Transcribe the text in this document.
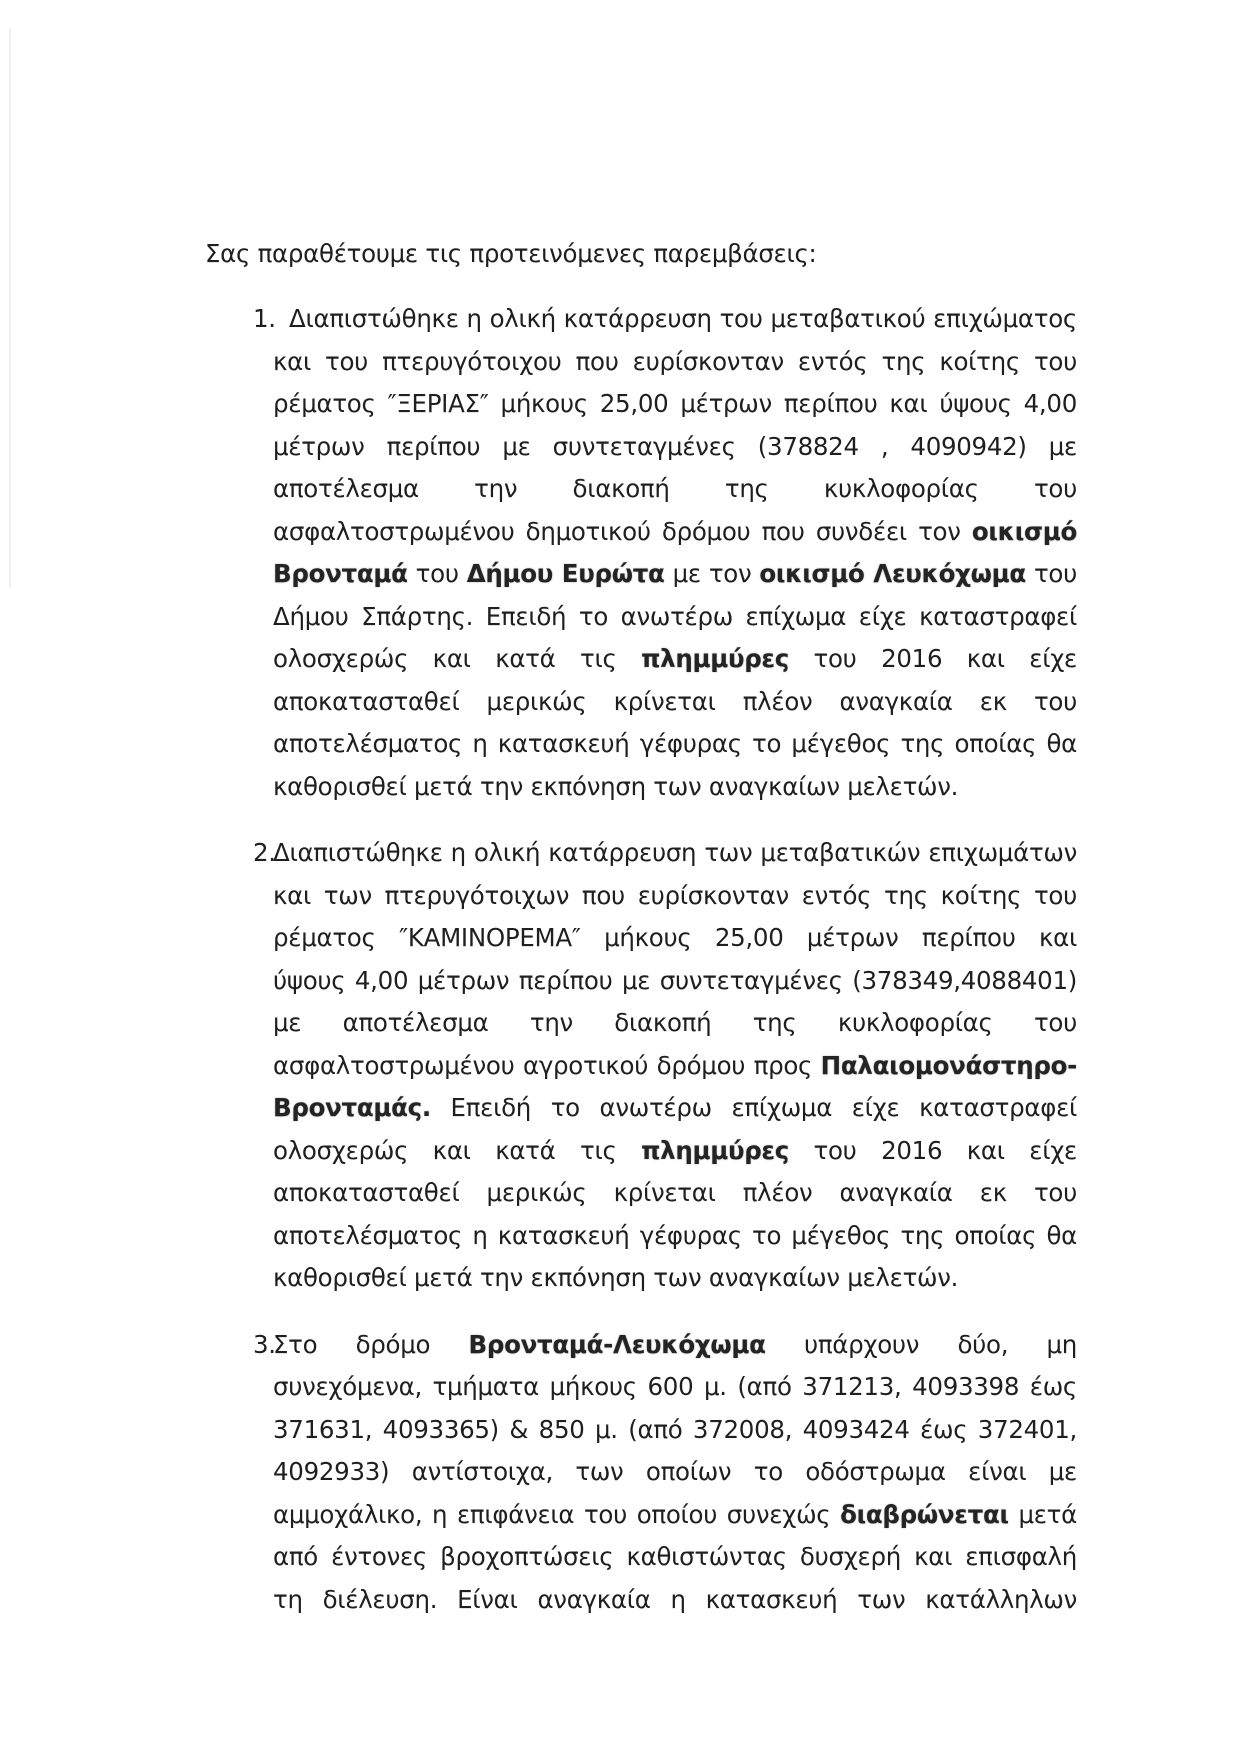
Σας παραθέτουμε τις προτεινόμενες παρεμβάσεις:

1. Διαπιστώθηκε η ολική κατάρρευση του μεταβατικού επιχώματος
και του πτερυγότοιχου που ευρίσκονταν εντός της κοίτης του
ρέματος ″ΞΕΡΙΑΣ″ μήκους 25,00 μέτρων περίπου και ύψους 4,00
μέτρων περίπου με συντεταγμένες (378824 , 4090942) με
αποτέλεσμα την διακοπή της κυκλοφορίας του
ασφαλτοστρωμένου δημοτικού δρόμου που συνδέει τον οικισμό
Βρονταμά του Δήμου Ευρώτα με τον οικισμό Λευκόχωμα του
Δήμου Σπάρτης. Επειδή το ανωτέρω επίχωμα είχε καταστραφεί
ολοσχερώς και κατά τις πλημμύρες του 2016 και είχε
αποκατασταθεί μερικώς κρίνεται πλέον αναγκαία εκ του
αποτελέσματος η κατασκευή γέφυρας το μέγεθος της οποίας θα
καθορισθεί μετά την εκπόνηση των αναγκαίων μελετών.
2.
Διαπιστώθηκε η ολική κατάρρευση των μεταβατικών επιχωμάτων
και των πτερυγότοιχων που ευρίσκονταν εντός της κοίτης του
ρέματος ″ΚΑΜΙΝΟΡΕΜΑ″ μήκους 25,00 μέτρων περίπου και
ύψους 4,00 μέτρων περίπου με συντεταγμένες (378349,4088401)
με αποτέλεσμα την διακοπή της κυκλοφορίας του
ασφαλτοστρωμένου αγροτικού δρόμου προς Παλαιομονάστηρο-
Βρονταμάς. Επειδή το ανωτέρω επίχωμα είχε καταστραφεί
ολοσχερώς και κατά τις πλημμύρες του 2016 και είχε
αποκατασταθεί μερικώς κρίνεται πλέον αναγκαία εκ του
αποτελέσματος η κατασκευή γέφυρας το μέγεθος της οποίας θα
καθορισθεί μετά την εκπόνηση των αναγκαίων μελετών.
3.
Στο δρόμο Βρονταμά-Λευκόχωμα υπάρχουν δύο, μη
συνεχόμενα, τμήματα μήκους 600 μ. (από 371213, 4093398 έως
371631, 4093365) & 850 μ. (από 372008, 4093424 έως 372401,
4092933) αντίστοιχα, των οποίων το οδόστρωμα είναι με
αμμοχάλικο, η επιφάνεια του οποίου συνεχώς διαβρώνεται μετά
από έντονες βροχοπτώσεις καθιστώντας δυσχερή και επισφαλή
τη διέλευση. Είναι αναγκαία η κατασκευή των κατάλληλων
